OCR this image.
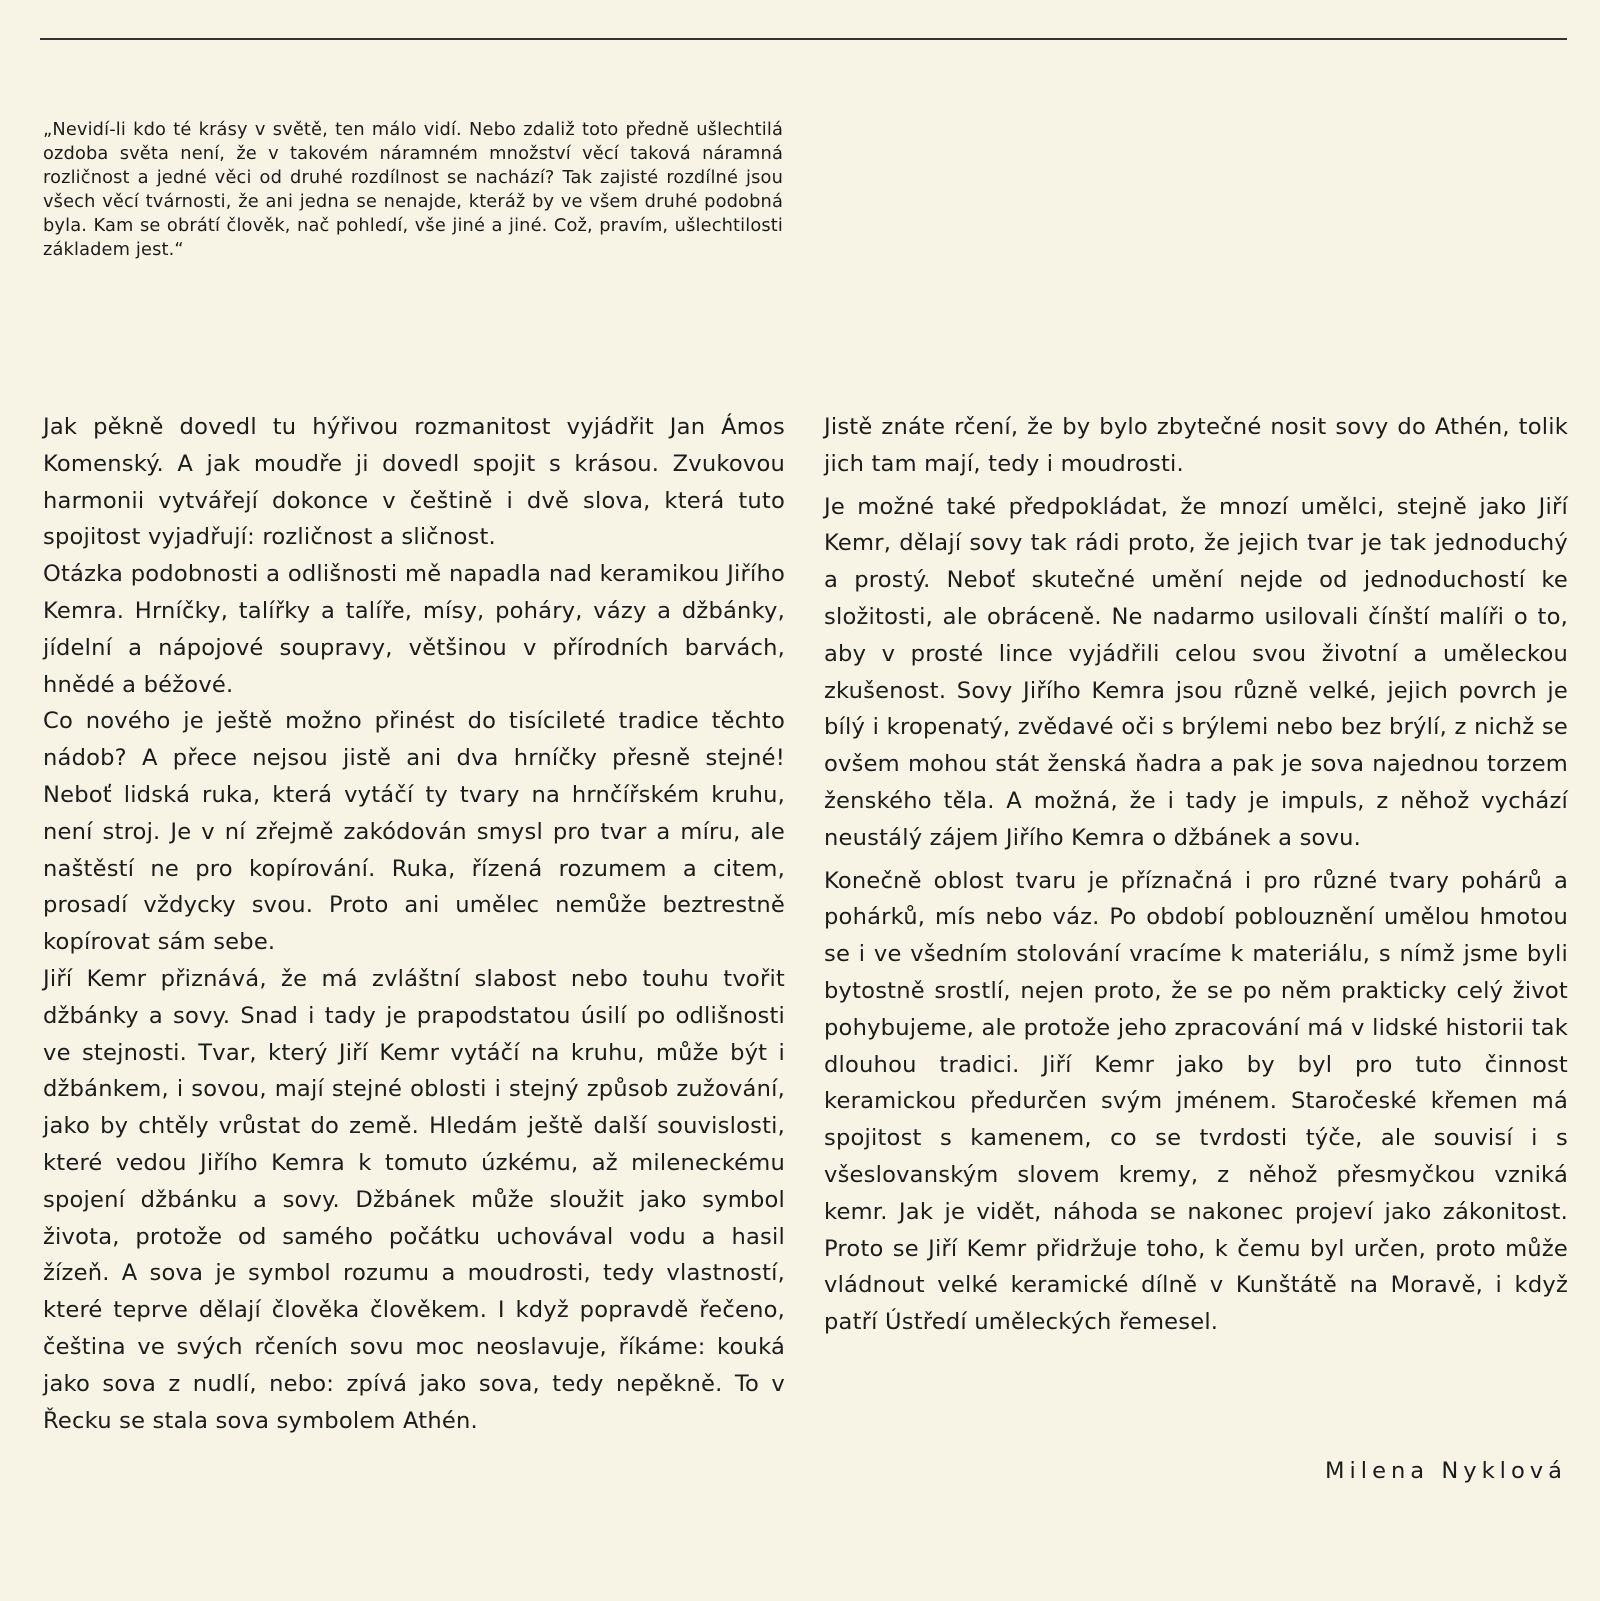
„Nevidí-li kdo té krásy v světě, ten málo vidí. Nebo zdaliž toto předně ušlechtilá ozdoba světa není, že v takovém náramném množství věcí taková náramná rozličnost a jedné věci od druhé rozdílnost se nachází? Tak zajisté rozdílné jsou všech věcí tvárnosti, že ani jedna se nenajde, kteráž by ve všem druhé podobná byla. Kam se obrátí člověk, nač pohledí, vše jiné a jiné. Což, pravím, ušlechtilosti základem jest.“

Jak pěkně dovedl tu hýřivou rozmanitost vyjádřit Jan Ámos Komenský. A jak moudře ji dovedl spojit s krásou. Zvukovou harmonii vytvářejí dokonce v češtině i dvě slova, která tuto spojitost vyjadřují: rozličnost a sličnost.

Otázka podobnosti a odlišnosti mě napadla nad keramikou Jiřího Kemra. Hrníčky, talířky a talíře, mísy, poháry, vázy a džbánky, jídelní a nápojové soupravy, většinou v přírodních barvách, hnědé a béžové.

Co nového je ještě možno přinést do tisícileté tradice těchto nádob? A přece nejsou jistě ani dva hrníčky přesně stejné! Neboť lidská ruka, která vytáčí ty tvary na hrnčířském kruhu, není stroj. Je v ní zřejmě zakódován smysl pro tvar a míru, ale naštěstí ne pro kopírování. Ruka, řízená rozumem a citem, prosadí vždycky svou. Proto ani umělec nemůže beztrestně kopírovat sám sebe.

Jiří Kemr přiznává, že má zvláštní slabost nebo touhu tvořit džbánky a sovy. Snad i tady je prapodstatou úsilí po odlišnosti ve stejnosti. Tvar, který Jiří Kemr vytáčí na kruhu, může být i džbánkem, i sovou, mají stejné oblosti i stejný způsob zužování, jako by chtěly vrůstat do země. Hledám ještě další souvislosti, které vedou Jiřího Kemra k tomuto úzkému, až mileneckému spojení džbánku a sovy. Džbánek může sloužit jako symbol života, protože od samého počátku uchovával vodu a hasil žízeň. A sova je symbol rozumu a moudrosti, tedy vlastností, které teprve dělají člověka člověkem. I když popravdě řečeno, čeština ve svých rčeních sovu moc neoslavuje, říkáme: kouká jako sova z nudlí, nebo: zpívá jako sova, tedy nepěkně. To v Řecku se stala sova symbolem Athén.

Jistě znáte rčení, že by bylo zbytečné nosit sovy do Athén, tolik jich tam mají, tedy i moudrosti.

Je možné také předpokládat, že mnozí umělci, stejně jako Jiří Kemr, dělají sovy tak rádi proto, že jejich tvar je tak jednoduchý a prostý. Neboť skutečné umění nejde od jednoduchostí ke složitosti, ale obráceně. Ne nadarmo usilovali čínští malíři o to, aby v prosté lince vyjádřili celou svou životní a uměleckou zkušenost. Sovy Jiřího Kemra jsou různě velké, jejich povrch je bílý i kropenatý, zvědavé oči s brýlemi nebo bez brýlí, z nichž se ovšem mohou stát ženská ňadra a pak je sova najednou torzem ženského těla. A možná, že i tady je impuls, z něhož vychází neustálý zájem Jiřího Kemra o džbánek a sovu.

Konečně oblost tvaru je příznačná i pro různé tvary pohárů a pohárků, mís nebo váz. Po období poblouznění umělou hmotou se i ve všedním stolování vracíme k materiálu, s nímž jsme byli bytostně srostlí, nejen proto, že se po něm prakticky celý život pohybujeme, ale protože jeho zpracování má v lidské historii tak dlouhou tradici. Jiří Kemr jako by byl pro tuto činnost keramickou předurčen svým jménem. Staročeské křemen má spojitost s kamenem, co se tvrdosti týče, ale souvisí i s všeslovanským slovem kremy, z něhož přesmyčkou vzniká kemr. Jak je vidět, náhoda se nakonec projeví jako zákonitost. Proto se Jiří Kemr přidržuje toho, k čemu byl určen, proto může vládnout velké keramické dílně v Kunštátě na Moravě, i když patří Ústředí uměleckých řemesel.

Milena Nyklová
